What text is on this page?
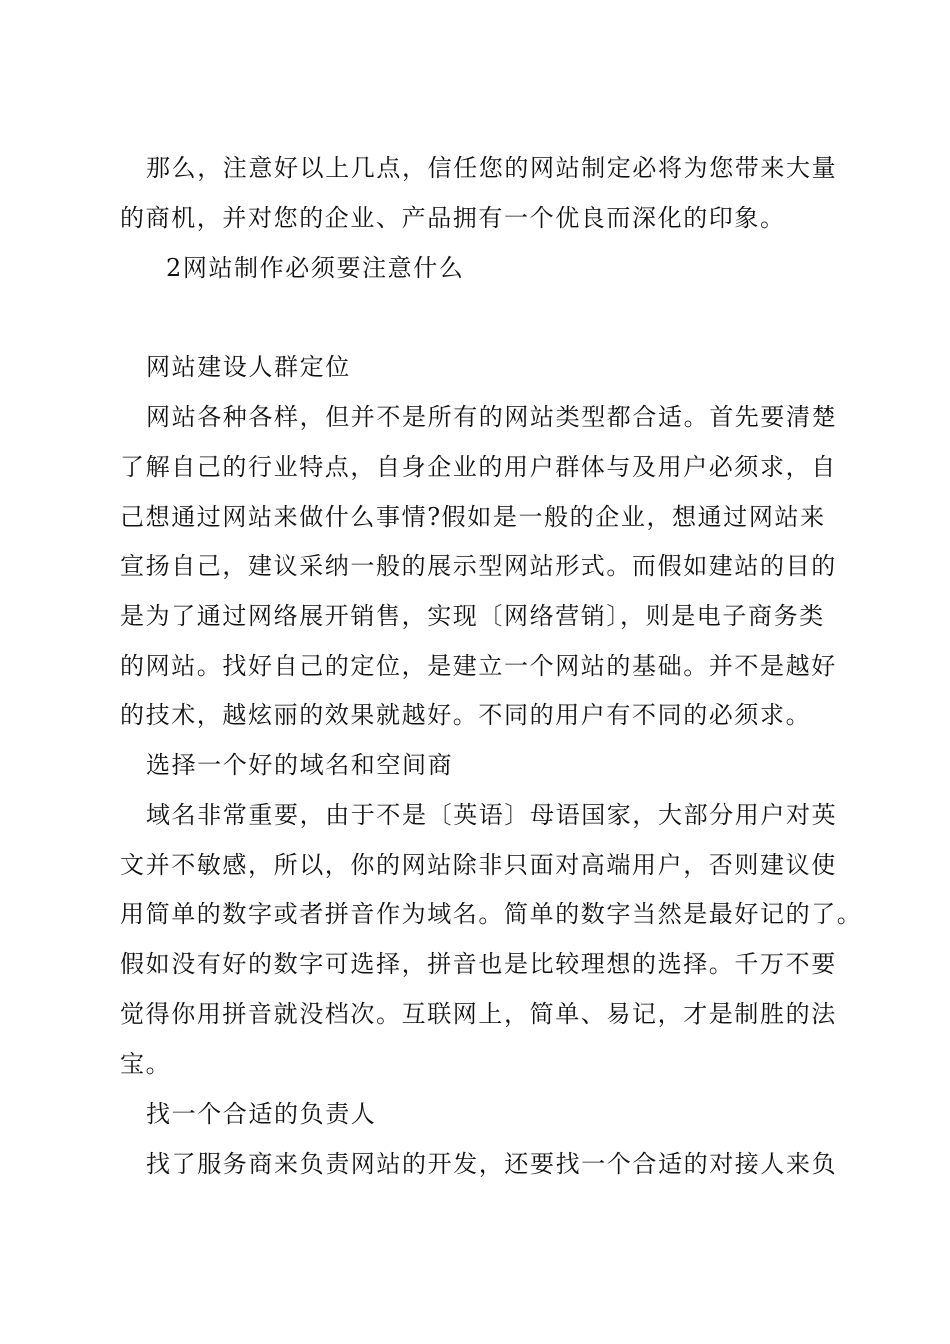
那么，注意好以上几点，信任您的网站制定必将为您带来大量
的商机，并对您的企业、产品拥有一个优良而深化的印象。
2网站制作必须要注意什么
网站建设人群定位
网站各种各样，但并不是所有的网站类型都合适。首先要清楚
了解自己的行业特点，自身企业的用户群体与及用户必须求，自
己想通过网站来做什么事情?假如是一般的企业，想通过网站来
宣扬自己，建议采纳一般的展示型网站形式。而假如建站的目的
是为了通过网络展开销售，实现〔网络营销〕，则是电子商务类
的网站。找好自己的定位，是建立一个网站的基础。并不是越好
的技术，越炫丽的效果就越好。不同的用户有不同的必须求。
选择一个好的域名和空间商
域名非常重要，由于不是〔英语〕母语国家，大部分用户对英
文并不敏感，所以，你的网站除非只面对高端用户，否则建议使
用简单的数字或者拼音作为域名。简单的数字当然是最好记的了。
假如没有好的数字可选择，拼音也是比较理想的选择。千万不要
觉得你用拼音就没档次。互联网上，简单、易记，才是制胜的法
宝。
找一个合适的负责人
找了服务商来负责网站的开发，还要找一个合适的对接人来负
